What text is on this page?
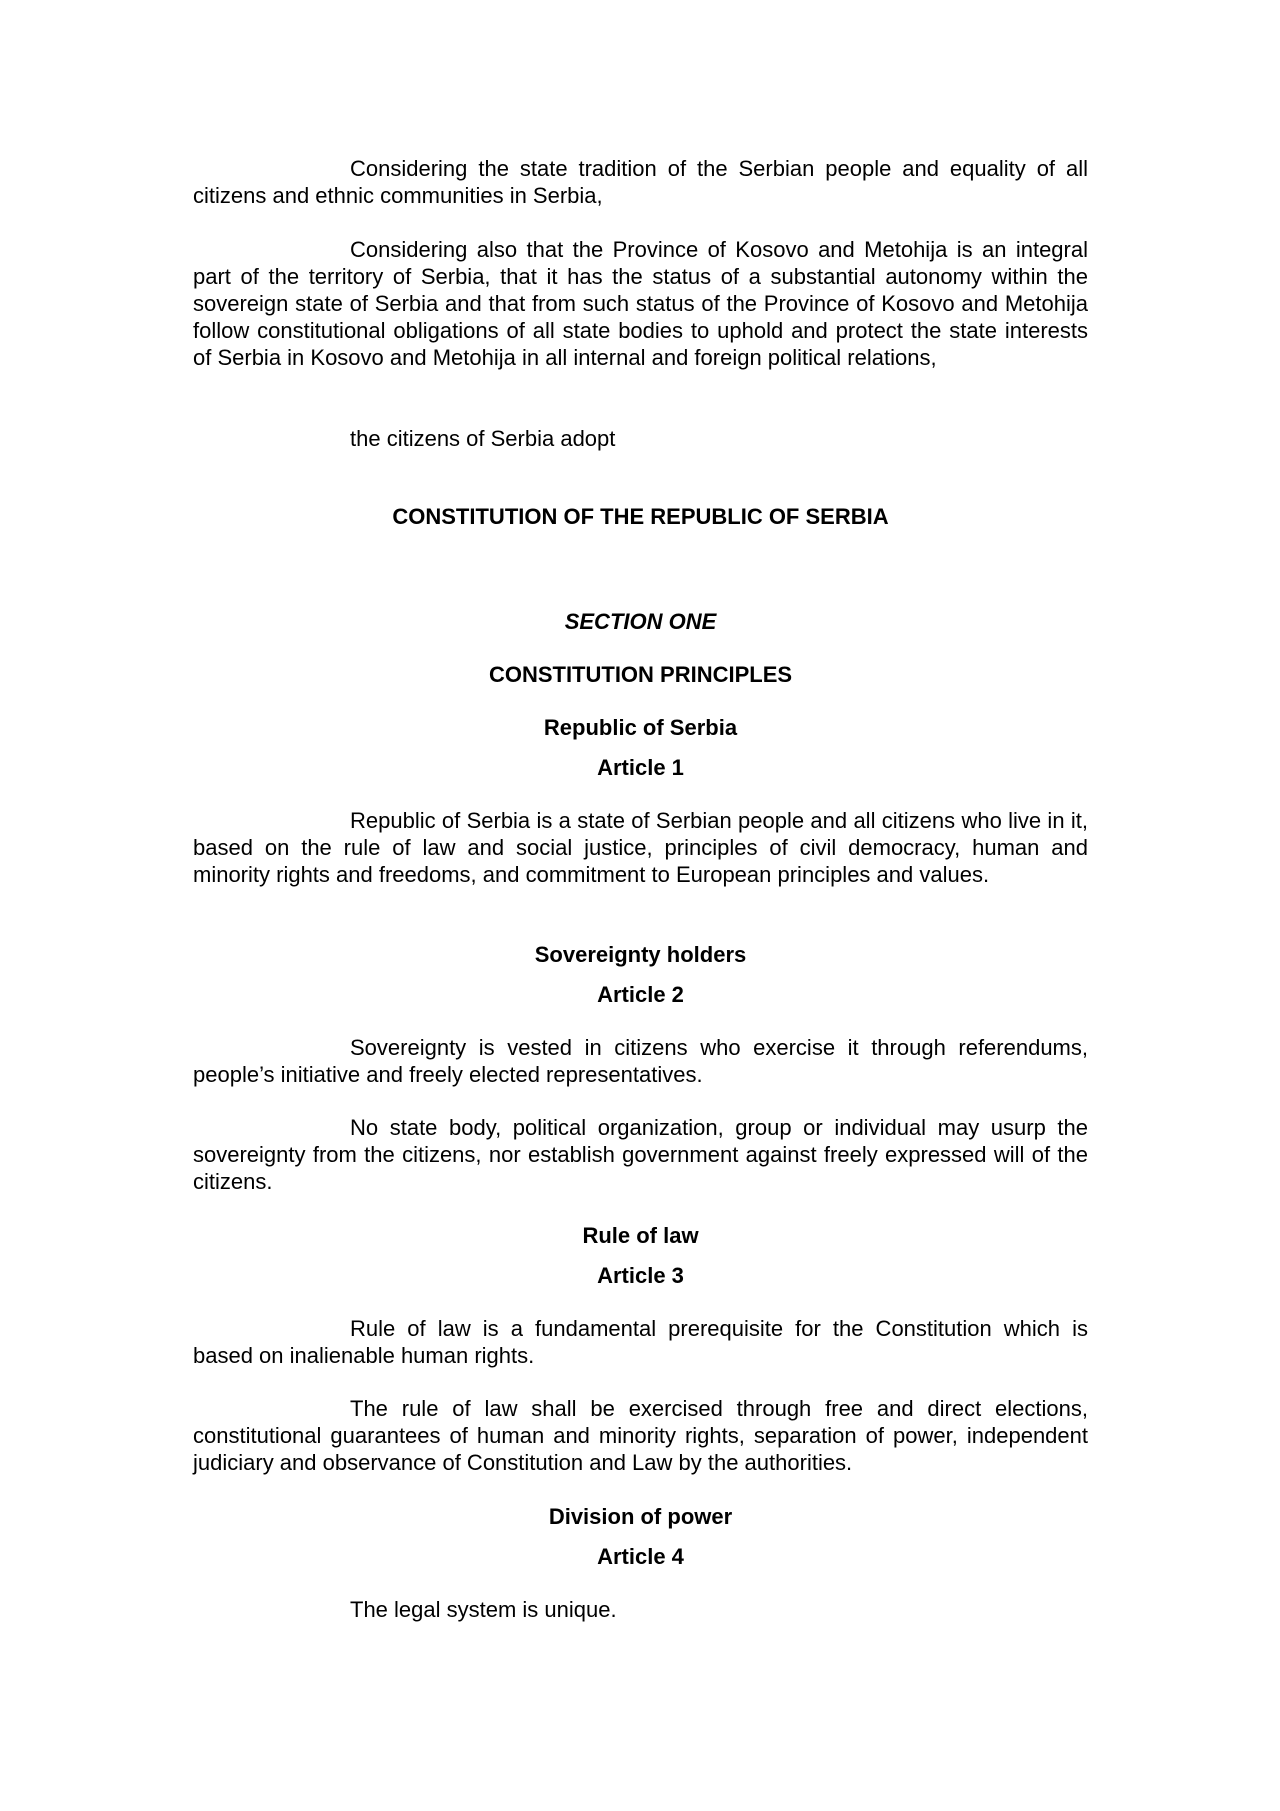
Considering the state tradition of the Serbian people and equality of all citizens and ethnic communities in Serbia,

Considering also that the Province of Kosovo and Metohija is an integral part of the territory of Serbia, that it has the status of a substantial autonomy within the sovereign state of Serbia and that from such status of the Province of Kosovo and Metohija follow constitutional obligations of all state bodies to uphold and protect the state interests of Serbia in Kosovo and Metohija in all internal and foreign political relations,

the citizens of Serbia adopt

CONSTITUTION OF THE REPUBLIC OF SERBIA
SECTION ONE
CONSTITUTION PRINCIPLES
Republic of Serbia
Article 1

Republic of Serbia is a state of Serbian people and all citizens who live in it, based on the rule of law and social justice, principles of civil democracy, human and minority rights and freedoms, and commitment to European principles and values.

Sovereignty holders
Article 2

Sovereignty is vested in citizens who exercise it through referendums, people’s initiative and freely elected representatives.

No state body, political organization, group or individual may usurp the sovereignty from the citizens, nor establish government against freely expressed will of the citizens.

Rule of law
Article 3

Rule of law is a fundamental prerequisite for the Constitution which is based on inalienable human rights.

The rule of law shall be exercised through free and direct elections, constitutional guarantees of human and minority rights, separation of power, independent judiciary and observance of Constitution and Law by the authorities.

Division of power
Article 4

The legal system is unique.
